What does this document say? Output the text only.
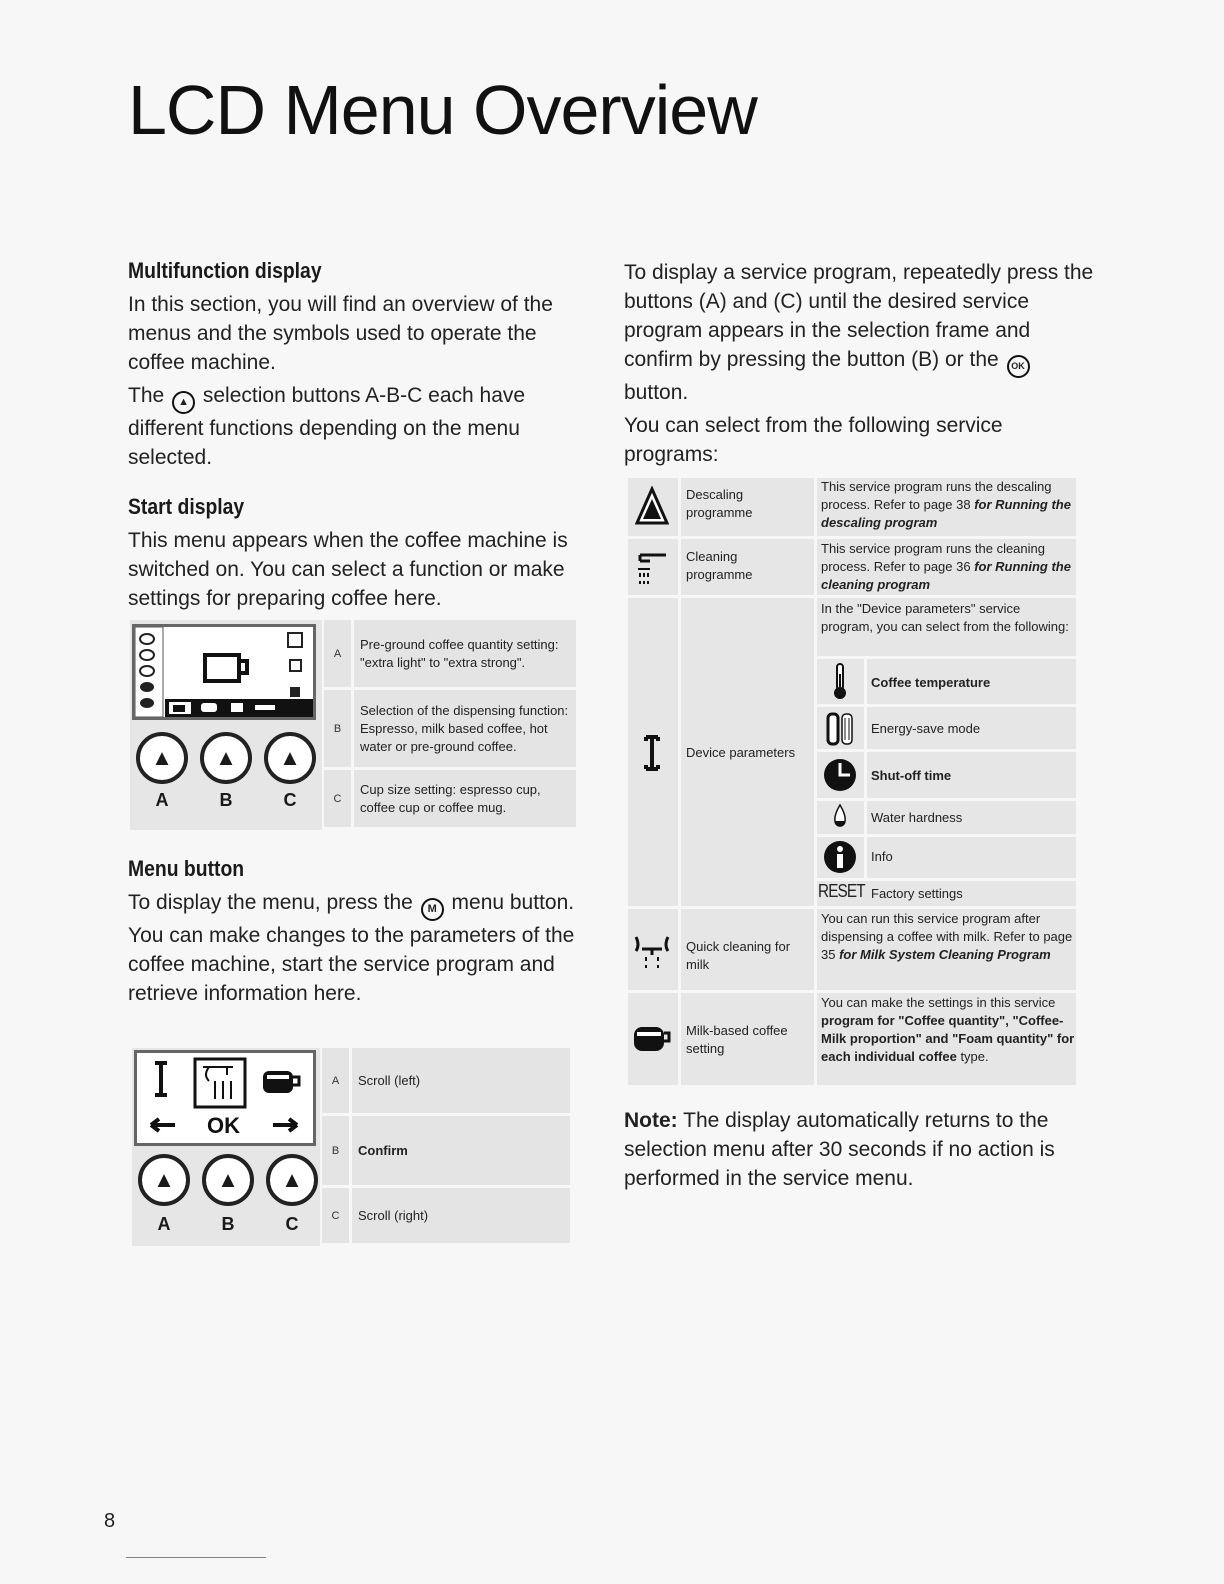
LCD Menu Overview
Multifunction display

In this section, you will find an overview of the menus and the symbols used to operate the coffee machine.

The ▲ selection buttons A-B-C each have different functions depending on the menu selected.

Start display

This menu appears when the coffee machine is switched on. You can select a function or make settings for preparing coffee here.

▲	▲	▲
A	B	C
A
Pre-ground coffee quantity setting: "extra light" to "extra strong".
B
Selection of the dispensing function: Espresso, milk based coffee, hot water or pre-ground coffee.
C
Cup size setting: espresso cup, coffee cup or coffee mug.
Menu button

To display the menu, press the M menu button. You can make changes to the parameters of the coffee machine, start the service program and retrieve information here.

OK
▲	▲	▲
A	B	C
A	Scroll (left)
B	Confirm
C	Scroll (right)

To display a service program, repeatedly press the buttons (A) and (C) until the desired service program appears in the selection frame and confirm by pressing the button (B) or the OK button.

You can select from the following service programs:

Descaling programme
This service program runs the descaling process. Refer to page 38 for Running the descaling program
Cleaning programme
This service program runs the cleaning process. Refer to page 36 for Running the cleaning program
Device parameters
In the "Device parameters" service program, you can select from the following:
Coffee temperature
Energy-save mode
Shut-off time
Water hardness
Info
RESET Factory settings
Quick cleaning for milk
You can run this service program after dispensing a coffee with milk. Refer to page 35 for Milk System Cleaning Program
Milk-based coffee setting
You can make the settings in this service program for "Coffee quantity", "Coffee-Milk proportion" and "Foam quantity" for each individual coffee type.
Note: The display automatically returns to the selection menu after 30 seconds if no action is performed in the service menu.
8
